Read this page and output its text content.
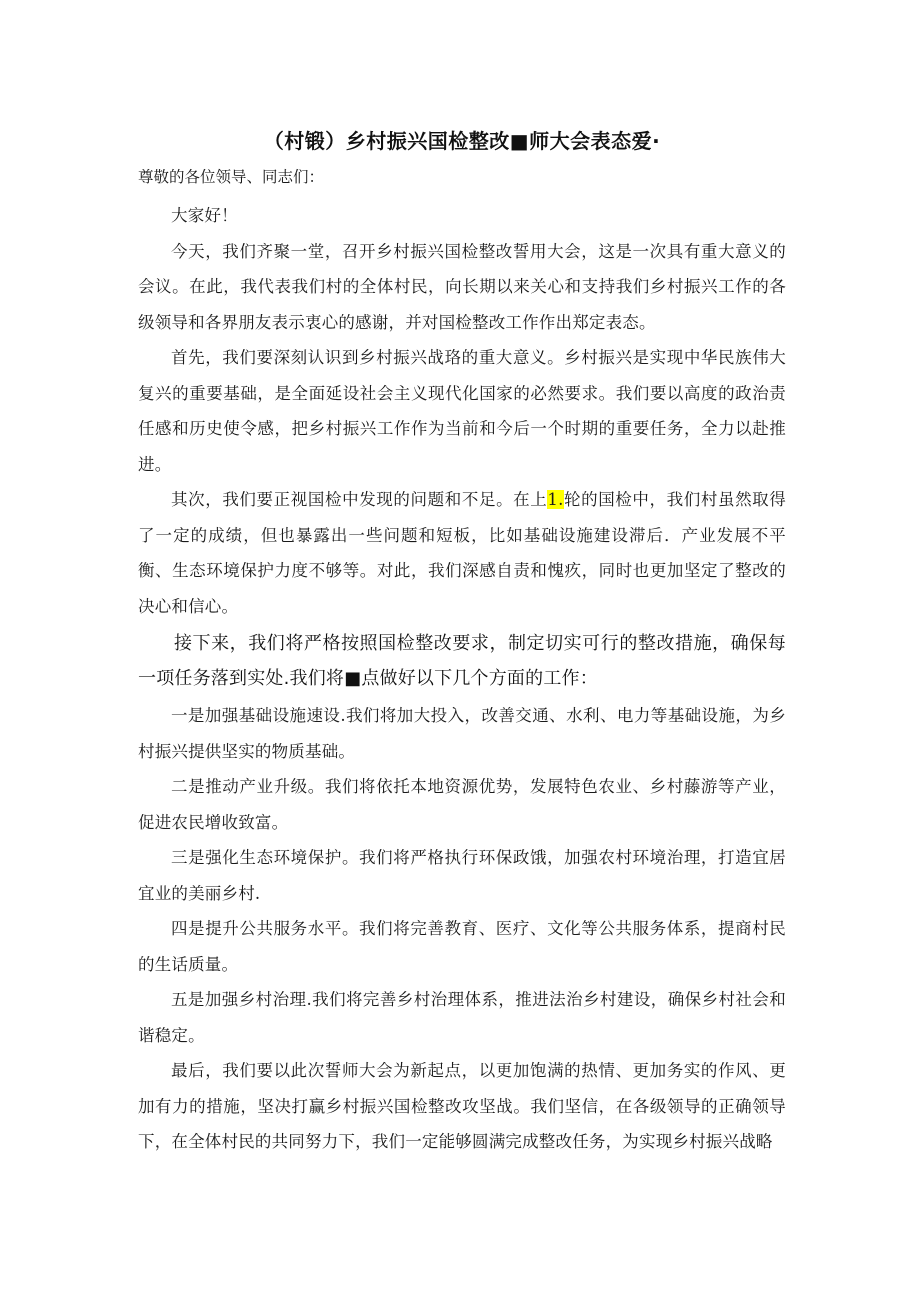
（村锻）乡村振兴国检整改■师大会表态爱·

尊敬的各位领导、同志们：

大家好！

今天，我们齐聚一堂，召开乡村振兴国检整改誓用大会，这是一次具有重大意义的会议。在此，我代表我们村的全体村民，向长期以来关心和支持我们乡村振兴工作的各级领导和各界朋友表示衷心的感谢，并对国检整改工作作出郑定表态。

首先，我们要深刻认识到乡村振兴战珞的重大意义。乡村振兴是实现中华民族伟大复兴的重要基础，是全面延设社会主义现代化国家的必然要求。我们要以高度的政治责任感和历史使令感，把乡村振兴工作作为当前和今后一个时期的重要任务，全力以赴推进。

其次，我们要正视国检中发现的问题和不足。在上1.轮的国检中，我们村虽然取得了一定的成绩，但也暴露出一些问题和短板，比如基础设施建设滞后．产业发展不平衡、生态环境保护力度不够等。对此，我们深感自责和愧疚，同时也更加坚定了整改的决心和信心。

接下来，我们将严格按照国检整改要求，制定切实可行的整改措施，确保每一项任务落到实处.我们将■点做好以下几个方面的工作：

一是加强基础设施速设.我们将加大投入，改善交通、水利、电力等基础设施，为乡村振兴提供坚实的物质基础。

二是推动产业升级。我们将依托本地资源优势，发展特色农业、乡村藤游等产业，促进农民增收致富。

三是强化生态环境保护。我们将严格执行环保政饿，加强农村环境治理，打造宜居宜业的美丽乡村.

四是提升公共服务水平。我们将完善教育、医疗、文化等公共服务体系，提商村民的生话质量。

五是加强乡村治理.我们将完善乡村治理体系，推进法治乡村建设，确保乡村社会和谐稳定。

最后，我们要以此次誓师大会为新起点，以更加饱满的热情、更加务实的作风、更加有力的措施，坚决打赢乡村振兴国检整改攻坚战。我们坚信，在各级领导的正确领导下，在全体村民的共同努力下，我们一定能够圆满完成整改任务，为实现乡村振兴战略
